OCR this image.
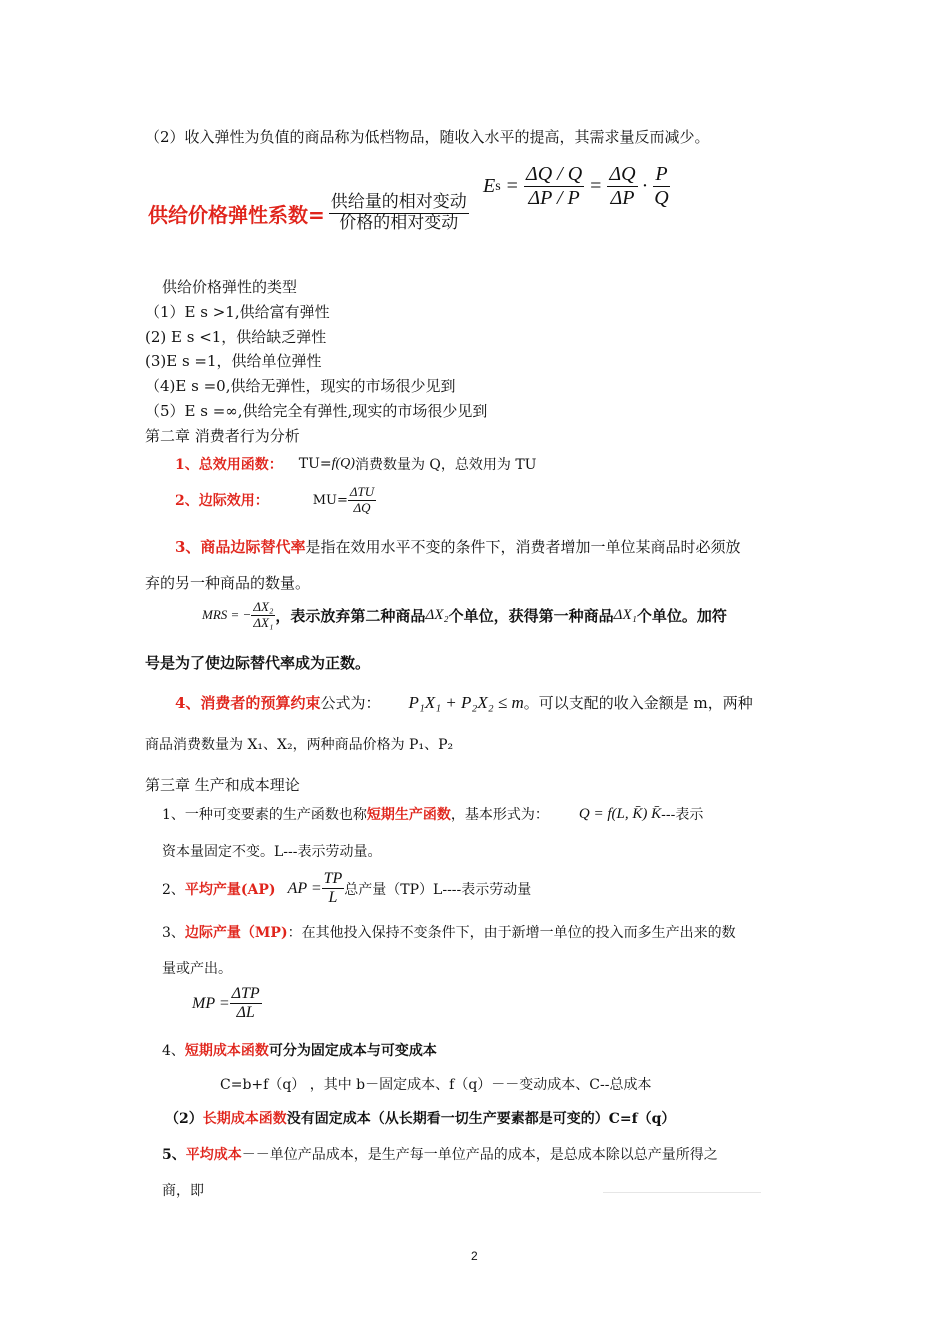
（2）收入弹性为负值的商品称为低档物品，随收入水平的提高，其需求量反而减少。
供给价格弹性系数= $\frac{\text{供给量的相对变动}}{\text{价格的相对变动}}$
E $s = \frac{\Delta Q / Q}{\Delta P / P} = \frac{\Delta Q}{\Delta P} \cdot \frac{P}{Q}$
供给价格弹性的类型
（1）E s >1,供给富有弹性
(2) E s <1，供给缺乏弹性
(3)E s =1，供给单位弹性
（4)E s =0,供给无弹性，现实的市场很少见到
（5）E s =∞,供给完全有弹性,现实的市场很少见到
第二章 消费者行为分析
1、总效用函数： TU= f(Q) 消费数量为 Q，总效用为 TU
2、边际效用：	$MU= \frac{\text{ΔTU}}{\Delta Q}$
3、商品边际替代率是指在效用水平不变的条件下，消费者增加一单位某商品时必须放
弃的另一种商品的数量。
MRS = − $\frac{\text{ΔX₂}}{\text{ΔX₁}}$ ，表示放弃第二种商品 ΔX₂ 个单位，获得第一种商品 ΔX₁ 个单位。加符
号是为了使边际替代率成为正数。
4、消费者的预算约束 公式为： P₁X₁ + P₂X₂ ≤ m 。可以支配的收入金额是 m，两种
商品消费数量为 X₁、X₂，两种商品价格为 P₁、P₂
第三章 生产和成本理论
1、一种可变要素的生产函数也称 短期生产函数 ，基本形式为： Q = f(L, K̄) K̄ ---表示
资本量固定不变。L---表示劳动量。
2、 平均产量(AP) AP = $\frac{TP}{L}$ 总产量（TP）L----表示劳动量
3、边际产量（MP)：在其他投入保持不变条件下，由于新增一单位的投入而多生产出来的数
量或产出。
MP = $\frac{\text{ΔTP}}{\Delta L}$
4、短期成本函数可分为固定成本与可变成本
C=b+f（q） ，其中 b－固定成本、f（q）－－变动成本、C--总成本
（2）长期成本函数没有固定成本（从长期看一切生产要素都是可变的）C=f（q）
5、平均成本－－单位产品成本，是生产每一单位产品的成本，是总成本除以总产量所得之
商，即
2
